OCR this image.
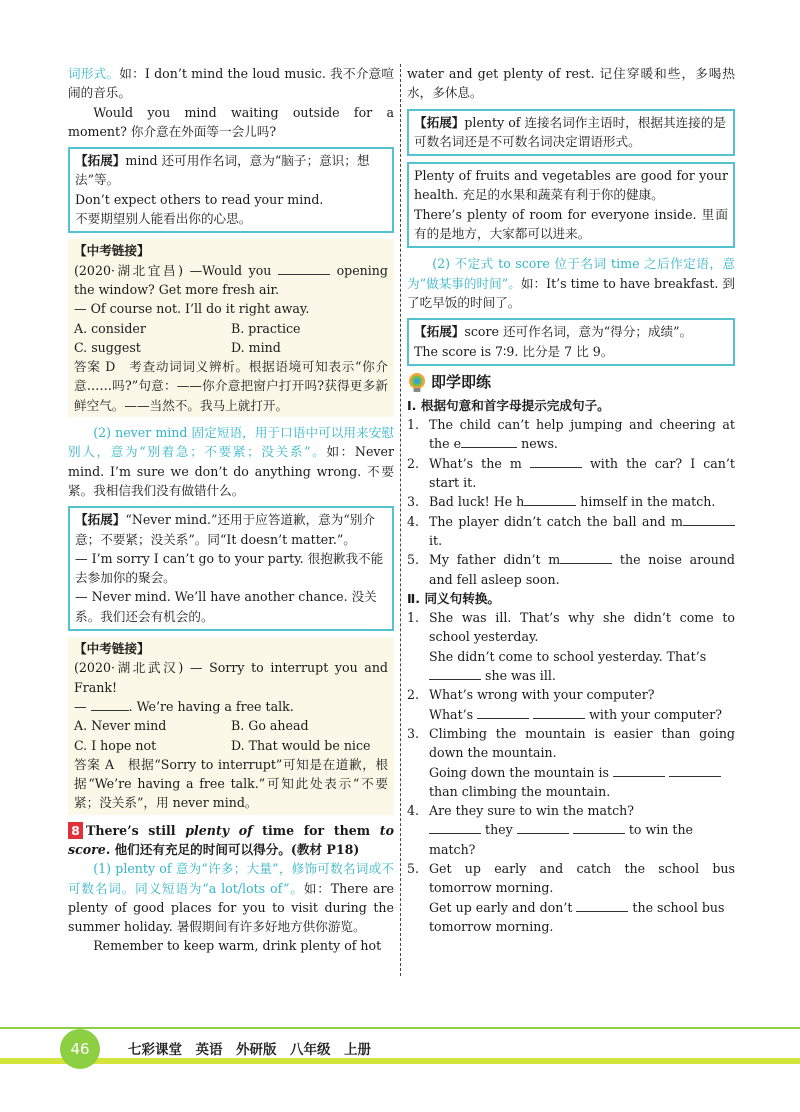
词形式。如：I don’t mind the loud music. 我不介意喧闹的音乐。

Would you mind waiting outside for a moment? 你介意在外面等一会儿吗?

【拓展】mind 还可用作名词，意为“脑子；意识；想法”等。
Don’t expect others to read your mind.
不要期望别人能看出你的心思。
【中考链接】

(2020·湖北宜昌) —Would you	opening the window? Get more fresh air.

— Of course not. I’ll do it right away.
A. consider	B. practice
C. suggest	D. mind

答案 D　考查动词词义辨析。根据语境可知表示“你介意……吗?”句意：——你介意把窗户打开吗?获得更多新鲜空气。——当然不。我马上就打开。

(2) never mind 固定短语，用于口语中可以用来安慰别人，意为“别着急；不要紧；没关系”。如：Never mind. I’m sure we don’t do anything wrong. 不要紧。我相信我们没有做错什么。

【拓展】“Never mind.”还用于应答道歉，意为“别介意；不要紧；没关系”。同“It doesn’t matter.”。
— I’m sorry I can’t go to your party. 很抱歉我不能去参加你的聚会。
— Never mind. We’ll have another chance. 没关系。我们还会有机会的。
【中考链接】

(2020·湖北武汉) — Sorry to interrupt you and Frank!

—	. We’re having a free talk.
A. Never mind	B. Go ahead
C. I hope not	D. That would be nice

答案 A　根据“Sorry to interrupt”可知是在道歉，根据“We’re having a free talk.”可知此处表示“不要紧；没关系”，用 never mind。

8 There’s still plenty of time for them to score. 他们还有充足的时间可以得分。(教材 P18)

(1) plenty of 意为“许多；大量”，修饰可数名词或不可数名词。同义短语为“a lot/lots of”。如：There are plenty of good places for you to visit during the summer holiday. 暑假期间有许多好地方供你游览。

Remember to keep warm, drink plenty of hot

water and get plenty of rest. 记住穿暖和些，多喝热水，多休息。

【拓展】plenty of 连接名词作主语时，根据其连接的是可数名词还是不可数名词决定谓语形式。

Plenty of fruits and vegetables are good for your health. 充足的水果和蔬菜有利于你的健康。

There’s plenty of room for everyone inside. 里面有的是地方，大家都可以进来。

(2) 不定式 to score 位于名词 time 之后作定语，意为“做某事的时间”。如：It’s time to have breakfast. 到了吃早饭的时间了。

【拓展】score 还可作名词，意为“得分；成绩”。
The score is 7∶9. 比分是 7 比 9。
即学即练
Ⅰ. 根据句意和首字母提示完成句子。
1. The child can’t help jumping and cheering at the e	news.
2. What’s the m	with the car? I can’t start it.
3. Bad luck! He h	himself in the match.
4. The player didn’t catch the ball and m it.
5. My father didn’t m	the noise around and fell asleep soon.
Ⅱ. 同义句转换。
1. She was ill. That’s why she didn’t come to school yesterday.
She didn’t come to school yesterday. That’s  she was ill.
2. What’s wrong with your computer?
What’s	with your computer?
3. Climbing the mountain is easier than going down the mountain.
Going down the mountain is   than climbing the mountain.
4. Are they sure to win the match?
they	to win the match?
5. Get up early and catch the school bus tomorrow morning.
Get up early and don’t	the school bus tomorrow morning.
46	七彩课堂　英语　外研版　八年级　上册
